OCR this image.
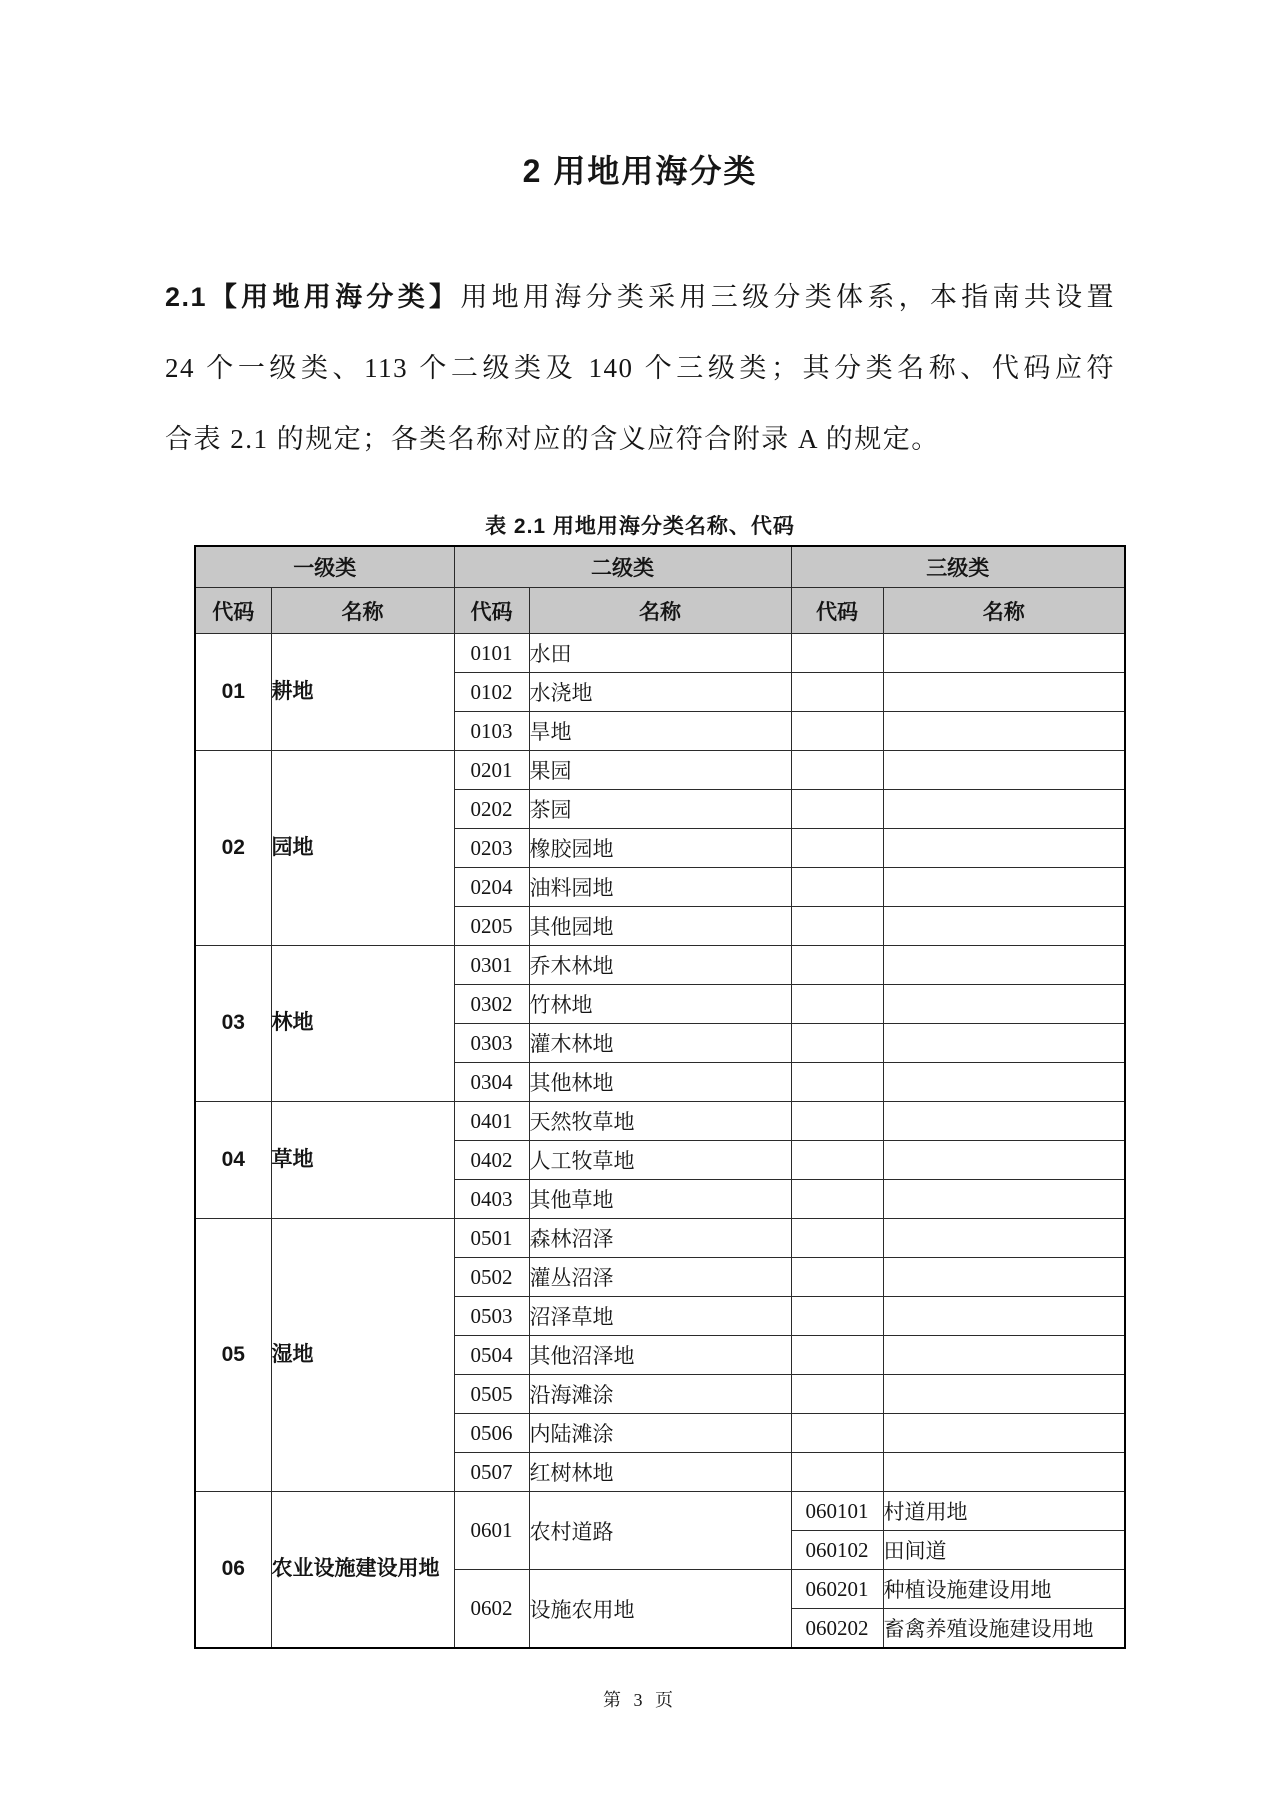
2 用地用海分类
2.1【用地用海分类】用地用海分类采用三级分类体系，本指南共设置
24 个一级类、113 个二级类及 140 个三级类；其分类名称、代码应符
合表 2.1 的规定；各类名称对应的含义应符合附录 A 的规定。
表 2.1 用地用海分类名称、代码
一级类		二级类		三级类	
代码	名称	代码	名称	代码	名称
01	耕地	0101	水田		
		0102	水浇地		
		0103	旱地		
02	园地	0201	果园		
		0202	茶园		
		0203	橡胶园地		
		0204	油料园地		
		0205	其他园地		
03	林地	0301	乔木林地		
		0302	竹林地		
		0303	灌木林地		
		0304	其他林地		
04	草地	0401	天然牧草地		
		0402	人工牧草地		
		0403	其他草地		
05	湿地	0501	森林沼泽		
		0502	灌丛沼泽		
		0503	沼泽草地		
		0504	其他沼泽地		
		0505	沿海滩涂		
		0506	内陆滩涂		
		0507	红树林地		
06	农业设施建设用地	0601	农村道路	060101	村道用地
				060102	田间道
		0602	设施农用地	060201	种植设施建设用地
				060202	畜禽养殖设施建设用地
第 3 页
